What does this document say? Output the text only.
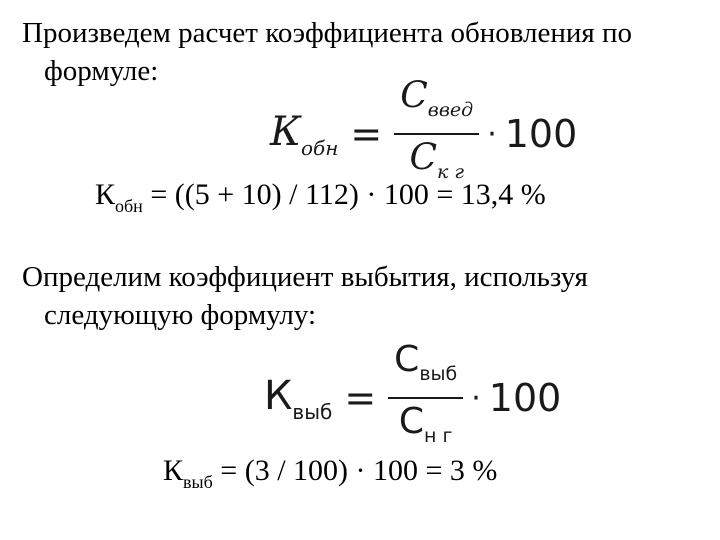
Произведем расчет коэффициента обновления по
формуле:
$К_{обн} = \frac{С_{введ}}{С_{к г}} \cdot 100$
$К_{обн} = ((5 + 10) / 112) \cdot 100 = 13,4$ %
Определим коэффициент выбытия, используя
следующую формулу:
$К_{выб} = \frac{С_{выб}}{С_{н г}} \cdot 100$
$К_{выб} = (3 / 100) \cdot 100 = 3$ %
